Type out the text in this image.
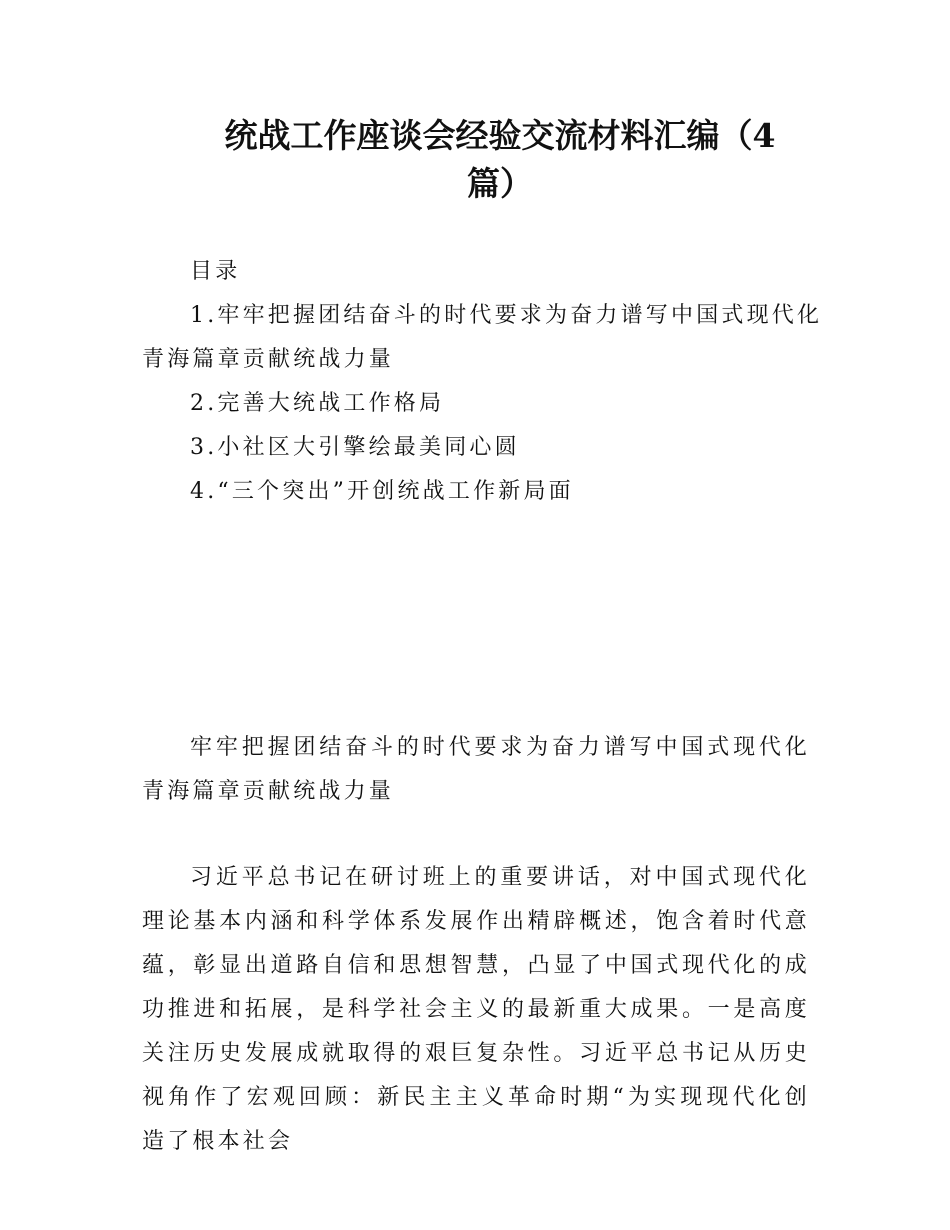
统战工作座谈会经验交流材料汇编（4篇）
目录
1.牢牢把握团结奋斗的时代要求为奋力谱写中国式现代化
青海篇章贡献统战力量
2.完善大统战工作格局
3.小社区大引擎绘最美同心圆
4.“三个突出”开创统战工作新局面
牢牢把握团结奋斗的时代要求为奋力谱写中国式现代化青海篇章贡献统战力量
习近平总书记在研讨班上的重要讲话，对中国式现代化理论基本内涵和科学体系发展作出精辟概述，饱含着时代意蕴，彰显出道路自信和思想智慧，凸显了中国式现代化的成功推进和拓展，是科学社会主义的最新重大成果。一是高度关注历史发展成就取得的艰巨复杂性。习近平总书记从历史视角作了宏观回顾：新民主主义革命时期“为实现现代化创造了根本社会
